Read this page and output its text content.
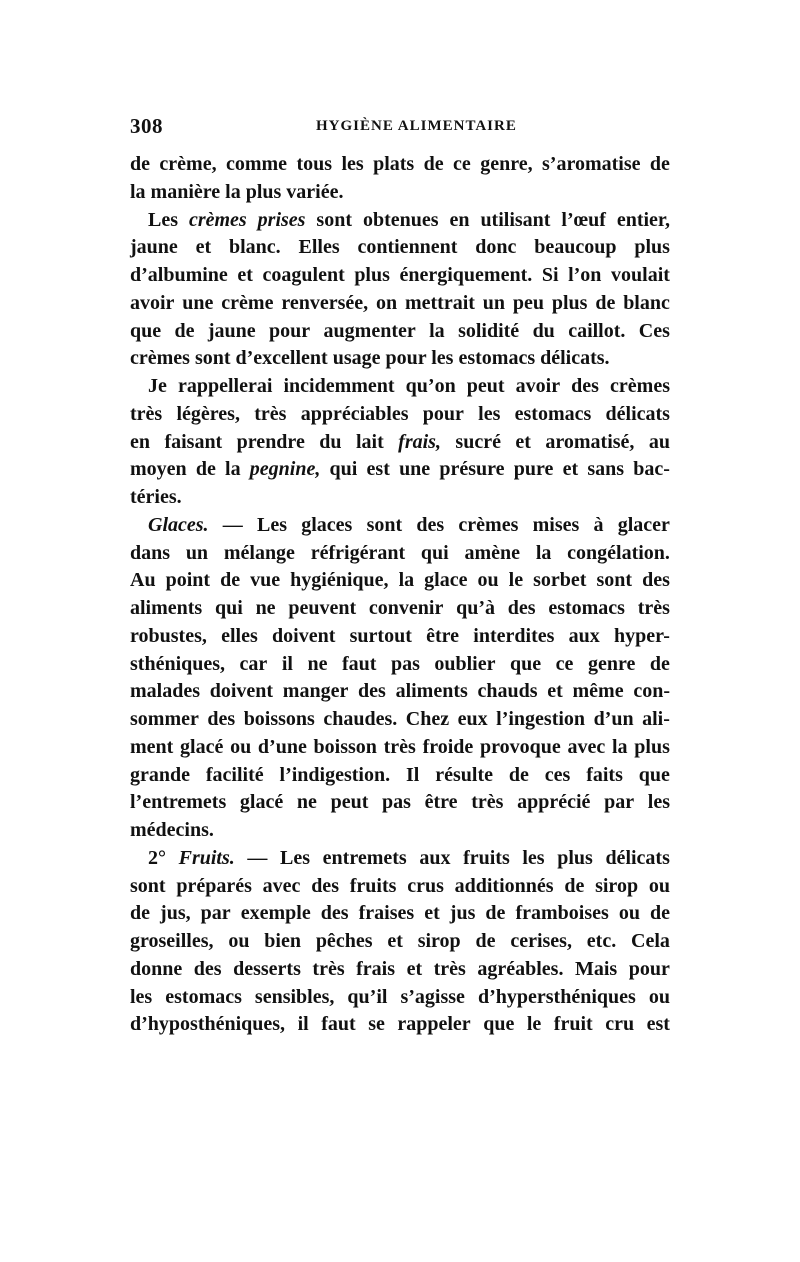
308	HYGIÈNE ALIMENTAIRE
de crème, comme tous les plats de ce genre, s’aromatise de
la manière la plus variée.
Les crèmes prises sont obtenues en utilisant l’œuf entier,
jaune et blanc. Elles contiennent donc beaucoup plus
d’albumine et coagulent plus énergiquement. Si l’on voulait
avoir une crème renversée, on mettrait un peu plus de blanc
que de jaune pour augmenter la solidité du caillot. Ces
crèmes sont d’excellent usage pour les estomacs délicats.
Je rappellerai incidemment qu’on peut avoir des crèmes
très légères, très appréciables pour les estomacs délicats
en faisant prendre du lait frais, sucré et aromatisé, au
moyen de la pegnine, qui est une présure pure et sans bac-
téries.
Glaces. — Les glaces sont des crèmes mises à glacer
dans un mélange réfrigérant qui amène la congélation.
Au point de vue hygiénique, la glace ou le sorbet sont des
aliments qui ne peuvent convenir qu’à des estomacs très
robustes, elles doivent surtout être interdites aux hyper-
sthéniques, car il ne faut pas oublier que ce genre de
malades doivent manger des aliments chauds et même con-
sommer des boissons chaudes. Chez eux l’ingestion d’un ali-
ment glacé ou d’une boisson très froide provoque avec la plus
grande facilité l’indigestion. Il résulte de ces faits que
l’entremets glacé ne peut pas être très apprécié par les
médecins.
2° Fruits. — Les entremets aux fruits les plus délicats
sont préparés avec des fruits crus additionnés de sirop ou
de jus, par exemple des fraises et jus de framboises ou de
groseilles, ou bien pêches et sirop de cerises, etc. Cela
donne des desserts très frais et très agréables. Mais pour
les estomacs sensibles, qu’il s’agisse d’hypersthéniques ou
d’hyposthéniques, il faut se rappeler que le fruit cru est
